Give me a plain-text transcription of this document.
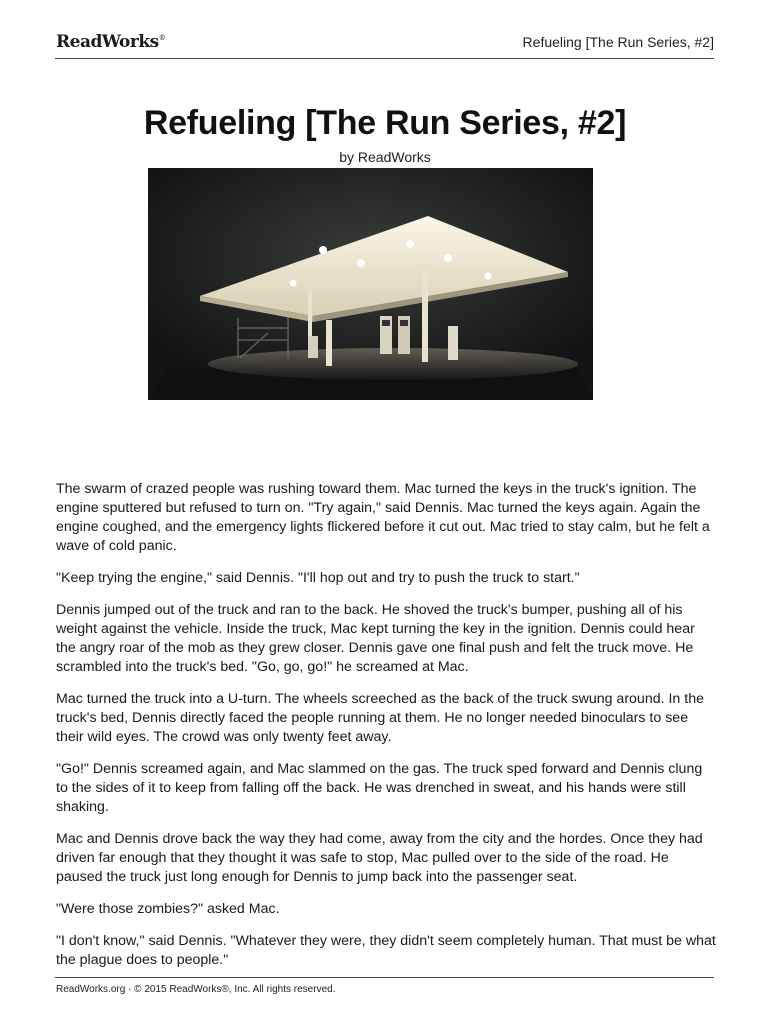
ReadWorks®	Refueling [The Run Series, #2]
Refueling [The Run Series, #2]
by ReadWorks

The swarm of crazed people was rushing toward them. Mac turned the keys in the truck's ignition. The engine sputtered but refused to turn on. "Try again," said Dennis. Mac turned the keys again. Again the engine coughed, and the emergency lights flickered before it cut out. Mac tried to stay calm, but he felt a wave of cold panic.

"Keep trying the engine," said Dennis. "I'll hop out and try to push the truck to start."

Dennis jumped out of the truck and ran to the back. He shoved the truck's bumper, pushing all of his weight against the vehicle. Inside the truck, Mac kept turning the key in the ignition. Dennis could hear the angry roar of the mob as they grew closer. Dennis gave one final push and felt the truck move. He scrambled into the truck's bed. "Go, go, go!" he screamed at Mac.

Mac turned the truck into a U-turn. The wheels screeched as the back of the truck swung around. In the truck's bed, Dennis directly faced the people running at them. He no longer needed binoculars to see their wild eyes. The crowd was only twenty feet away.

"Go!" Dennis screamed again, and Mac slammed on the gas. The truck sped forward and Dennis clung to the sides of it to keep from falling off the back. He was drenched in sweat, and his hands were still shaking.

Mac and Dennis drove back the way they had come, away from the city and the hordes. Once they had driven far enough that they thought it was safe to stop, Mac pulled over to the side of the road. He paused the truck just long enough for Dennis to jump back into the passenger seat.

"Were those zombies?" asked Mac.

"I don't know," said Dennis. "Whatever they were, they didn't seem completely human. That must be what the plague does to people."

ReadWorks.org · © 2015 ReadWorks®, Inc. All rights reserved.
